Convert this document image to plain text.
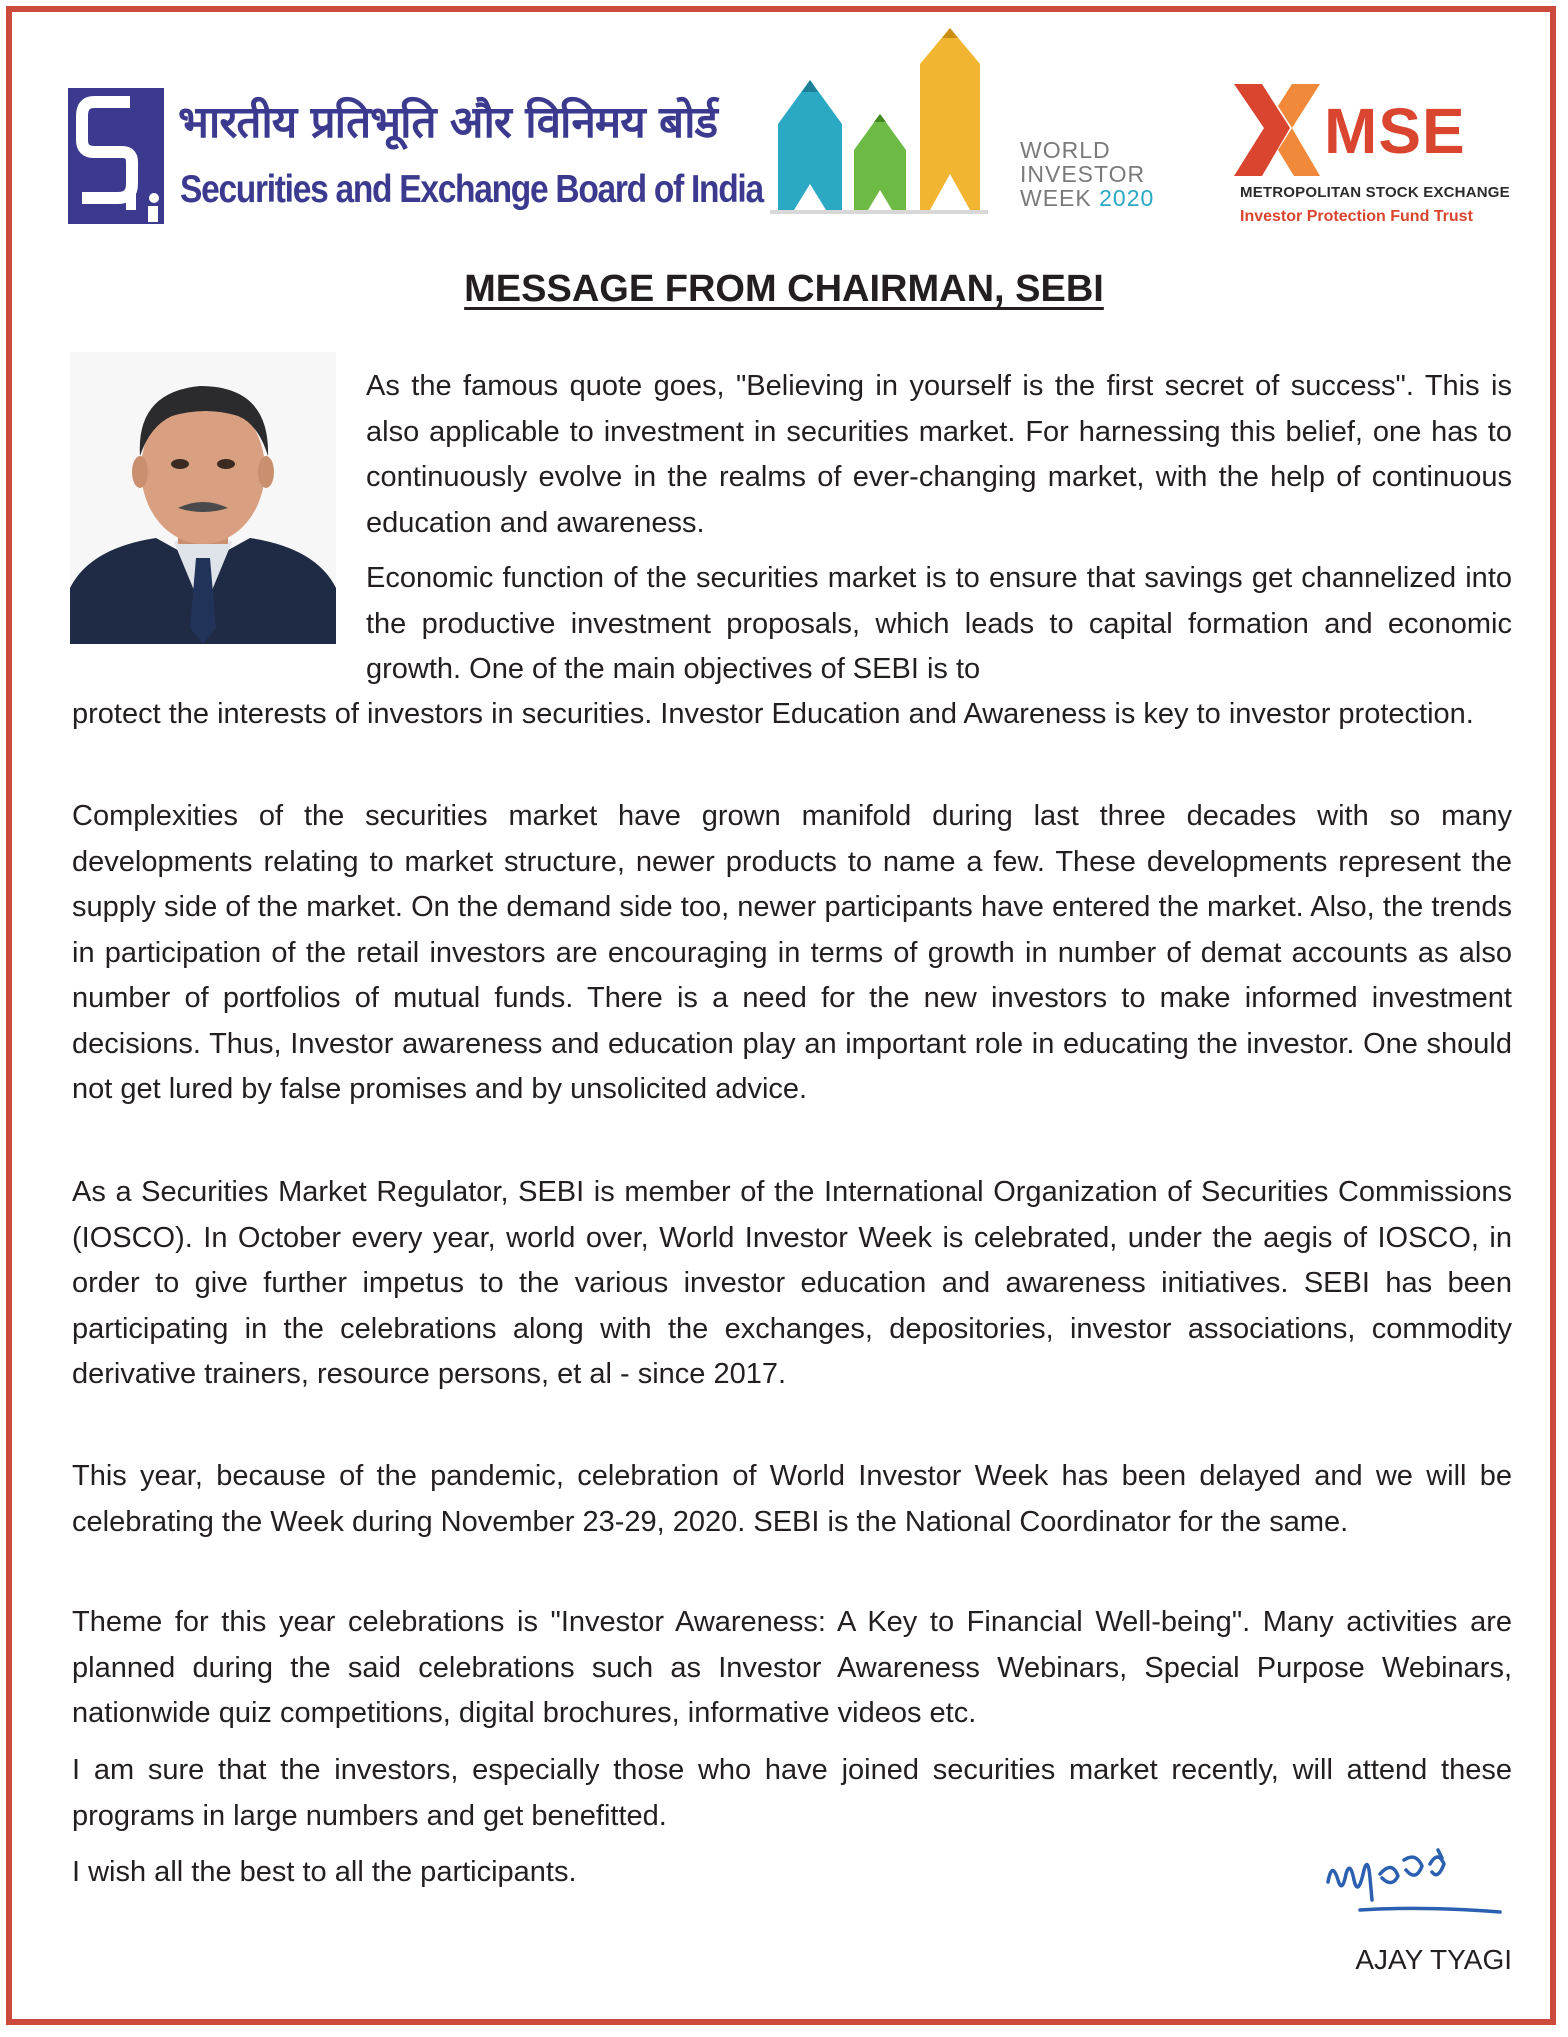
भारतीय प्रतिभूति और विनिमय बोर्ड
Securities and Exchange Board of India
WORLD
INVESTOR
WEEK 2020
MSE
METROPOLITAN STOCK EXCHANGE
Investor Protection Fund Trust
MESSAGE FROM CHAIRMAN, SEBI

As the famous quote goes, "Believing in yourself is the first secret of success". This is also applicable to investment in securities market. For harnessing this belief, one has to continuously evolve in the realms of ever-changing market, with the help of continuous education and awareness.

Economic function of the securities market is to ensure that savings get channelized into the productive investment proposals, which leads to capital formation and economic growth. One of the main objectives of SEBI is to

protect the interests of investors in securities. Investor Education and Awareness is key to investor protection.

Complexities of the securities market have grown manifold during last three decades with so many developments relating to market structure, newer products to name a few. These developments represent the supply side of the market. On the demand side too, newer participants have entered the market. Also, the trends in participation of the retail investors are encouraging in terms of growth in number of demat accounts as also number of portfolios of mutual funds. There is a need for the new investors to make informed investment decisions. Thus, Investor awareness and education play an important role in educating the investor. One should not get lured by false promises and by unsolicited advice.

As a Securities Market Regulator, SEBI is member of the International Organization of Securities Commissions (IOSCO). In October every year, world over, World Investor Week is celebrated, under the aegis of IOSCO, in order to give further impetus to the various investor education and awareness initiatives. SEBI has been participating in the celebrations along with the exchanges, depositories, investor associations, commodity derivative trainers, resource persons, et al - since 2017.

This year, because of the pandemic, celebration of World Investor Week has been delayed and we will be celebrating the Week during November 23-29, 2020. SEBI is the National Coordinator for the same.

Theme for this year celebrations is "Investor Awareness: A Key to Financial Well-being". Many activities are planned during the said celebrations such as Investor Awareness Webinars, Special Purpose Webinars, nationwide quiz competitions, digital brochures, informative videos etc.

I am sure that the investors, especially those who have joined securities market recently, will attend these programs in large numbers and get benefitted.

I wish all the best to all the participants.

AJAY TYAGI
